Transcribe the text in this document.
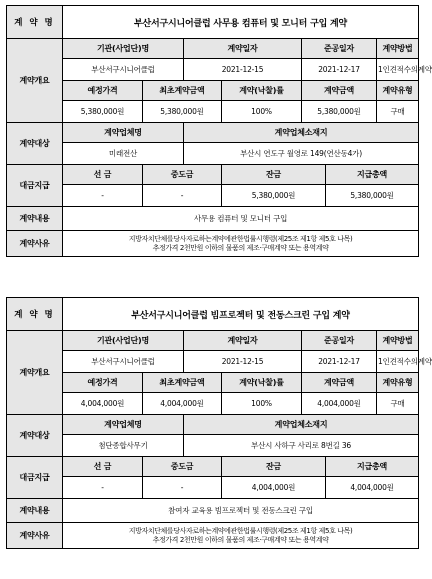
계 약 명	부산서구시니어클럽 사무용 컴퓨터 및 모니터 구입 계약						
계약개요	기관(사업단)명		계약일자		준공일자		계약방법
	부산서구시니어클럽		2021-12-15		2021-12-17		1인견적수의계약
	예정가격	최초계약금액		계약(낙찰)률	계약금액		계약유형
	5,380,000원	5,380,000원		100%	5,380,000원		구매
계약대상	계약업체명		계약업체소재지				
	미래전산		부산시 연도구 월영로 149(연산동4가)				
대금지급	선 금	중도금		잔금		지급총액	
	-	-		5,380,000원		5,380,000원	
계약내용	사무용 컴퓨터 및 모니터 구입						
계약사유	지방자치단체를당사자로하는계약에관한법률시행령(제25조 제1항 제5호 나목)
추정가격 2천만원 이하의 물품의 제조·구매계약 또는 용역계약						
계 약 명	부산서구시니어클럽 빔프로젝터 및 전동스크린 구입 계약						
계약개요	기관(사업단)명		계약일자		준공일자		계약방법
	부산서구시니어클럽		2021-12-15		2021-12-17		1인견적수의계약
	예정가격	최초계약금액		계약(낙찰)률	계약금액		계약유형
	4,004,000원	4,004,000원		100%	4,004,000원		구매
계약대상	계약업체명		계약업체소재지				
	첨단종합사무기		부산시 사하구 사리로 8번길 36				
대금지급	선 금	중도금		잔금		지급총액	
	-	-		4,004,000원		4,004,000원	
계약내용	참여자 교육용 빔프로젝터 및 전동스크린 구입						
계약사유	지방자치단체를당사자로하는계약에관한법률시행령(제25조 제1항 제5호 나목)
추정가격 2천만원 이하의 물품의 제조·구매계약 또는 용역계약						
